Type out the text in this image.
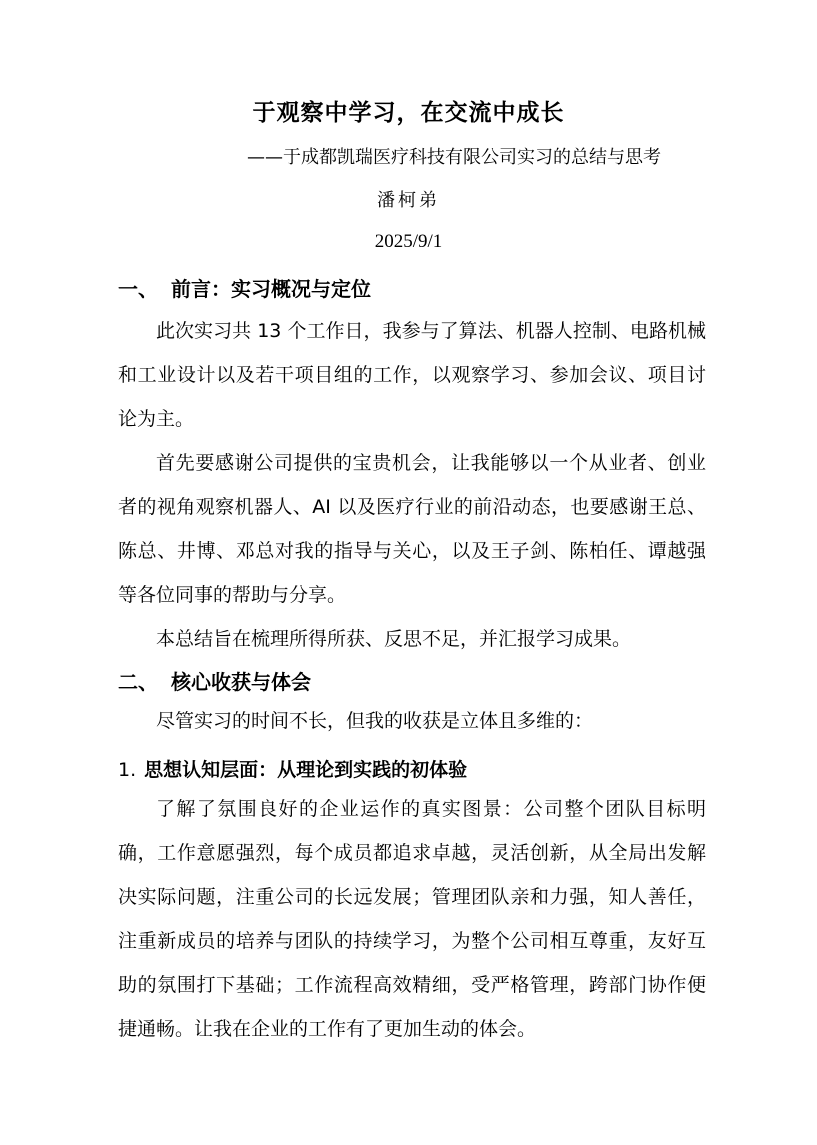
于观察中学习，在交流中成长
——于成都凯瑞医疗科技有限公司实习的总结与思考
潘柯弟
2025/9/1
一、 前言：实习概况与定位

此次实习共 13 个工作日，我参与了算法、机器人控制、电路机械和工业设计以及若干项目组的工作，以观察学习、参加会议、项目讨论为主。

首先要感谢公司提供的宝贵机会，让我能够以一个从业者、创业者的视角观察机器人、AI 以及医疗行业的前沿动态，也要感谢王总、陈总、井博、邓总对我的指导与关心，以及王子剑、陈柏任、谭越强等各位同事的帮助与分享。

本总结旨在梳理所得所获、反思不足，并汇报学习成果。

二、 核心收获与体会

尽管实习的时间不长，但我的收获是立体且多维的：

1. 思想认知层面：从理论到实践的初体验

了解了氛围良好的企业运作的真实图景：公司整个团队目标明确，工作意愿强烈，每个成员都追求卓越，灵活创新，从全局出发解决实际问题，注重公司的长远发展；管理团队亲和力强，知人善任，注重新成员的培养与团队的持续学习，为整个公司相互尊重，友好互助的氛围打下基础；工作流程高效精细，受严格管理，跨部门协作便捷通畅。让我在企业的工作有了更加生动的体会。
